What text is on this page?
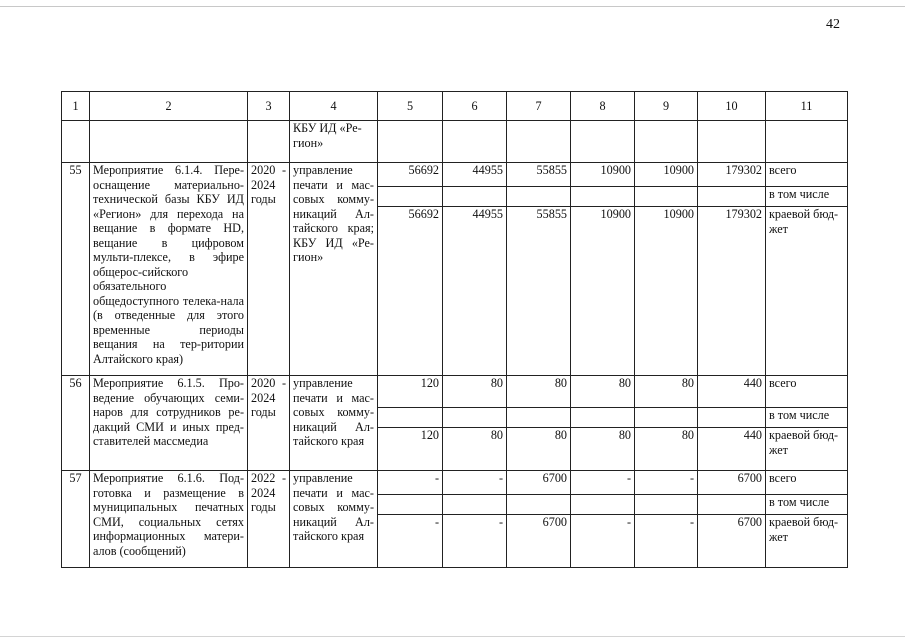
42
1	2	3	4	5	6	7	8	9	10	11
			КБУ ИД «Ре-гион»							
55	Мероприятие 6.1.4. Пере-оснащение материально-технической базы КБУ ИД «Регион» для перехода на вещание в формате HD, вещание в цифровом мульти-плексе, в эфире общерос-сийского обязательного общедоступного телека-нала (в отведенные для этого временные периоды вещания на тер-ритории Алтайского края)	2020 - 2024 годы	управление печати и мас-совых комму-никаций Ал-тайского края; КБУ ИД «Ре-гион»	56692	44955	55855	10900	10900	179302	всего
										в том числе
				56692	44955	55855	10900	10900	179302	краевой бюд-жет
56	Мероприятие 6.1.5. Про-ведение обучающих семи-наров для сотрудников ре-дакций СМИ и иных пред-ставителей массмедиа	2020 - 2024 годы	управление печати и мас-совых комму-никаций Ал-тайского края	120	80	80	80	80	440	всего
										в том числе
				120	80	80	80	80	440	краевой бюд-жет
57	Мероприятие 6.1.6. Под-готовка и размещение в муниципальных печатных СМИ, социальных сетях информационных матери-алов (сообщений)	2022 - 2024 годы	управление печати и мас-совых комму-никаций Ал-тайского края	-	-	6700	-	-	6700	всего
										в том числе
				-	-	6700	-	-	6700	краевой бюд-жет
